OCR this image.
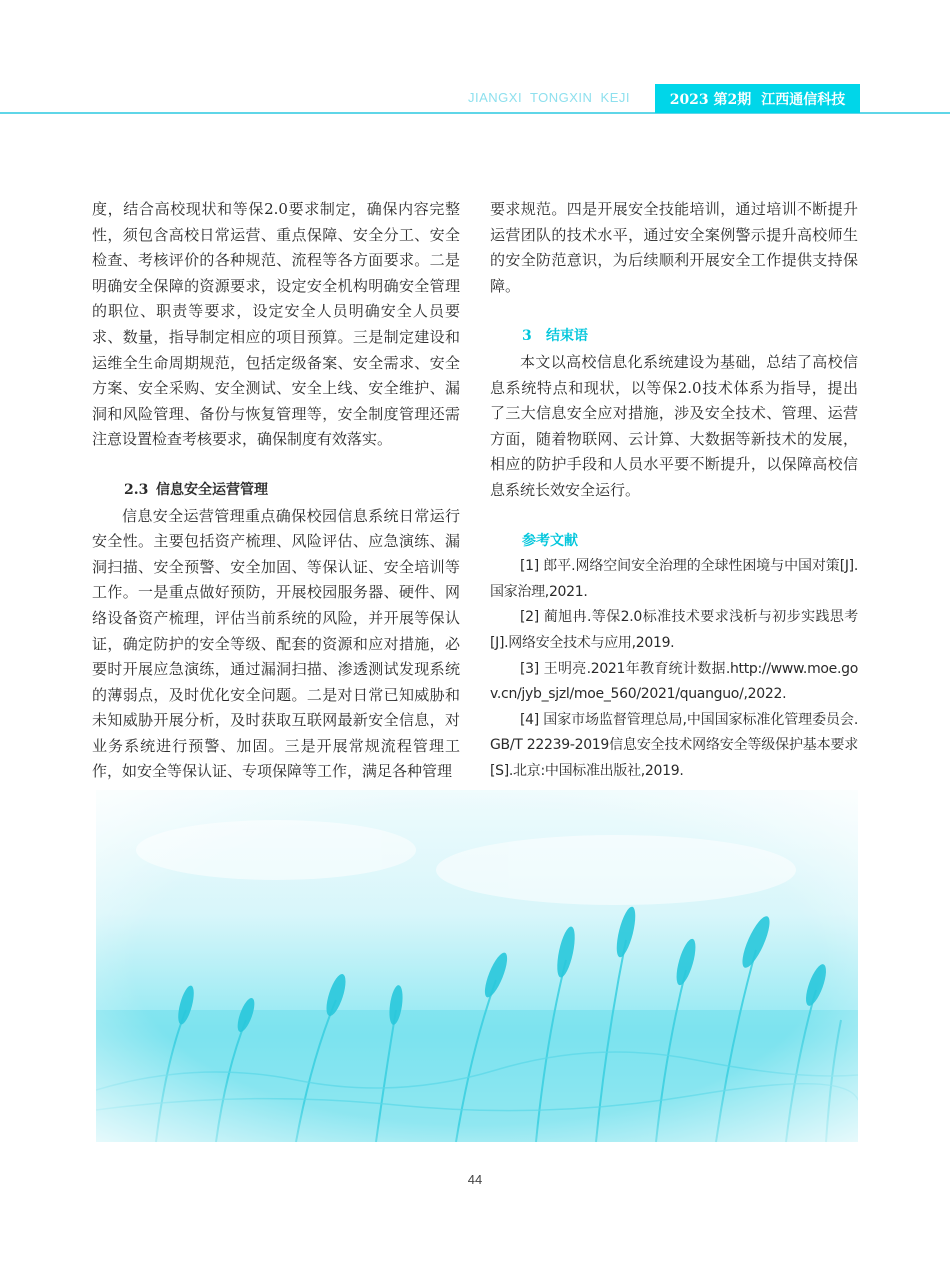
JIANGXI TONGXIN KEJI	2023 第2期 江西通信科技

度，结合高校现状和等保2.0要求制定，确保内容完整性，须包含高校日常运营、重点保障、安全分工、安全检查、考核评价的各种规范、流程等各方面要求。二是明确安全保障的资源要求，设定安全机构明确安全管理的职位、职责等要求，设定安全人员明确安全人员要求、数量，指导制定相应的项目预算。三是制定建设和运维全生命周期规范，包括定级备案、安全需求、安全方案、安全采购、安全测试、安全上线、安全维护、漏洞和风险管理、备份与恢复管理等，安全制度管理还需注意设置检查考核要求，确保制度有效落实。

2.3 信息安全运营管理

信息安全运营管理重点确保校园信息系统日常运行安全性。主要包括资产梳理、风险评估、应急演练、漏洞扫描、安全预警、安全加固、等保认证、安全培训等工作。一是重点做好预防，开展校园服务器、硬件、网络设备资产梳理，评估当前系统的风险，并开展等保认证，确定防护的安全等级、配套的资源和应对措施，必要时开展应急演练，通过漏洞扫描、渗透测试发现系统的薄弱点，及时优化安全问题。二是对日常已知威胁和未知威胁开展分析，及时获取互联网最新安全信息，对业务系统进行预警、加固。三是开展常规流程管理工作，如安全等保认证、专项保障等工作，满足各种管理

要求规范。四是开展安全技能培训，通过培训不断提升运营团队的技术水平，通过安全案例警示提升高校师生的安全防范意识，为后续顺利开展安全工作提供支持保障。

3 结束语

本文以高校信息化系统建设为基础，总结了高校信息系统特点和现状，以等保2.0技术体系为指导，提出了三大信息安全应对措施，涉及安全技术、管理、运营方面，随着物联网、云计算、大数据等新技术的发展，相应的防护手段和人员水平要不断提升，以保障高校信息系统长效安全运行。

参考文献

[1] 郎平.网络空间安全治理的全球性困境与中国对策[J].国家治理,2021.

[2] 蔺旭冉.等保2.0标准技术要求浅析与初步实践思考[J].网络安全技术与应用,2019.

[3] 王明亮.2021年教育统计数据.http://www.moe.gov.cn/jyb_sjzl/moe_560/2021/quanguo/,2022.

[4] 国家市场监督管理总局,中国国家标准化管理委员会.GB/T 22239-2019信息安全技术网络安全等级保护基本要求[S].北京:中国标准出版社,2019.

44
